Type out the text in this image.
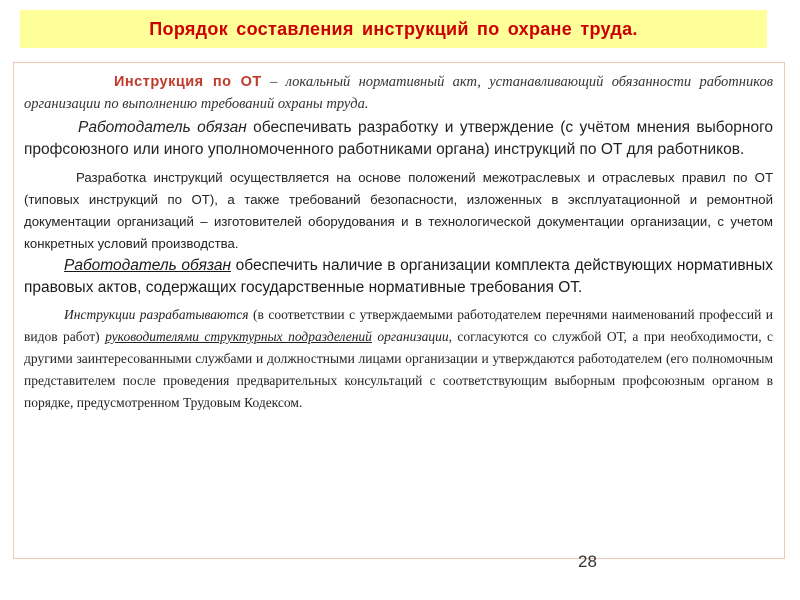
Порядок составления инструкций по охране труда.

Инструкция по ОТ – локальный нормативный акт, устанавливающий обязанности работников организации по выполнению требований охраны труда.

Работодатель обязан обеспечивать разработку и утверждение (с учётом мнения выборного профсоюзного или иного уполномоченного работниками органа) инструкций по ОТ для работников.

Разработка инструкций осуществляется на основе положений межотраслевых и отраслевых правил по ОТ (типовых инструкций по ОТ), а также требований безопасности, изложенных в эксплуатационной и ремонтной документации организаций – изготовителей оборудования и в технологической документации организации, с учетом конкретных условий производства.

Работодатель обязан обеспечить наличие в организации комплекта действующих нормативных правовых актов, содержащих государственные нормативные требования ОТ.

Инструкции разрабатываются (в соответствии с утверждаемыми работодателем перечнями наименований профессий и видов работ) руководителями структурных подразделений организации, согласуются со службой ОТ, а при необходимости, с другими заинтересованными службами и должностными лицами организации и утверждаются работодателем (его полномочным представителем после проведения предварительных консультаций с соответствующим выборным профсоюзным органом в порядке, предусмотренном Трудовым Кодексом.

28
